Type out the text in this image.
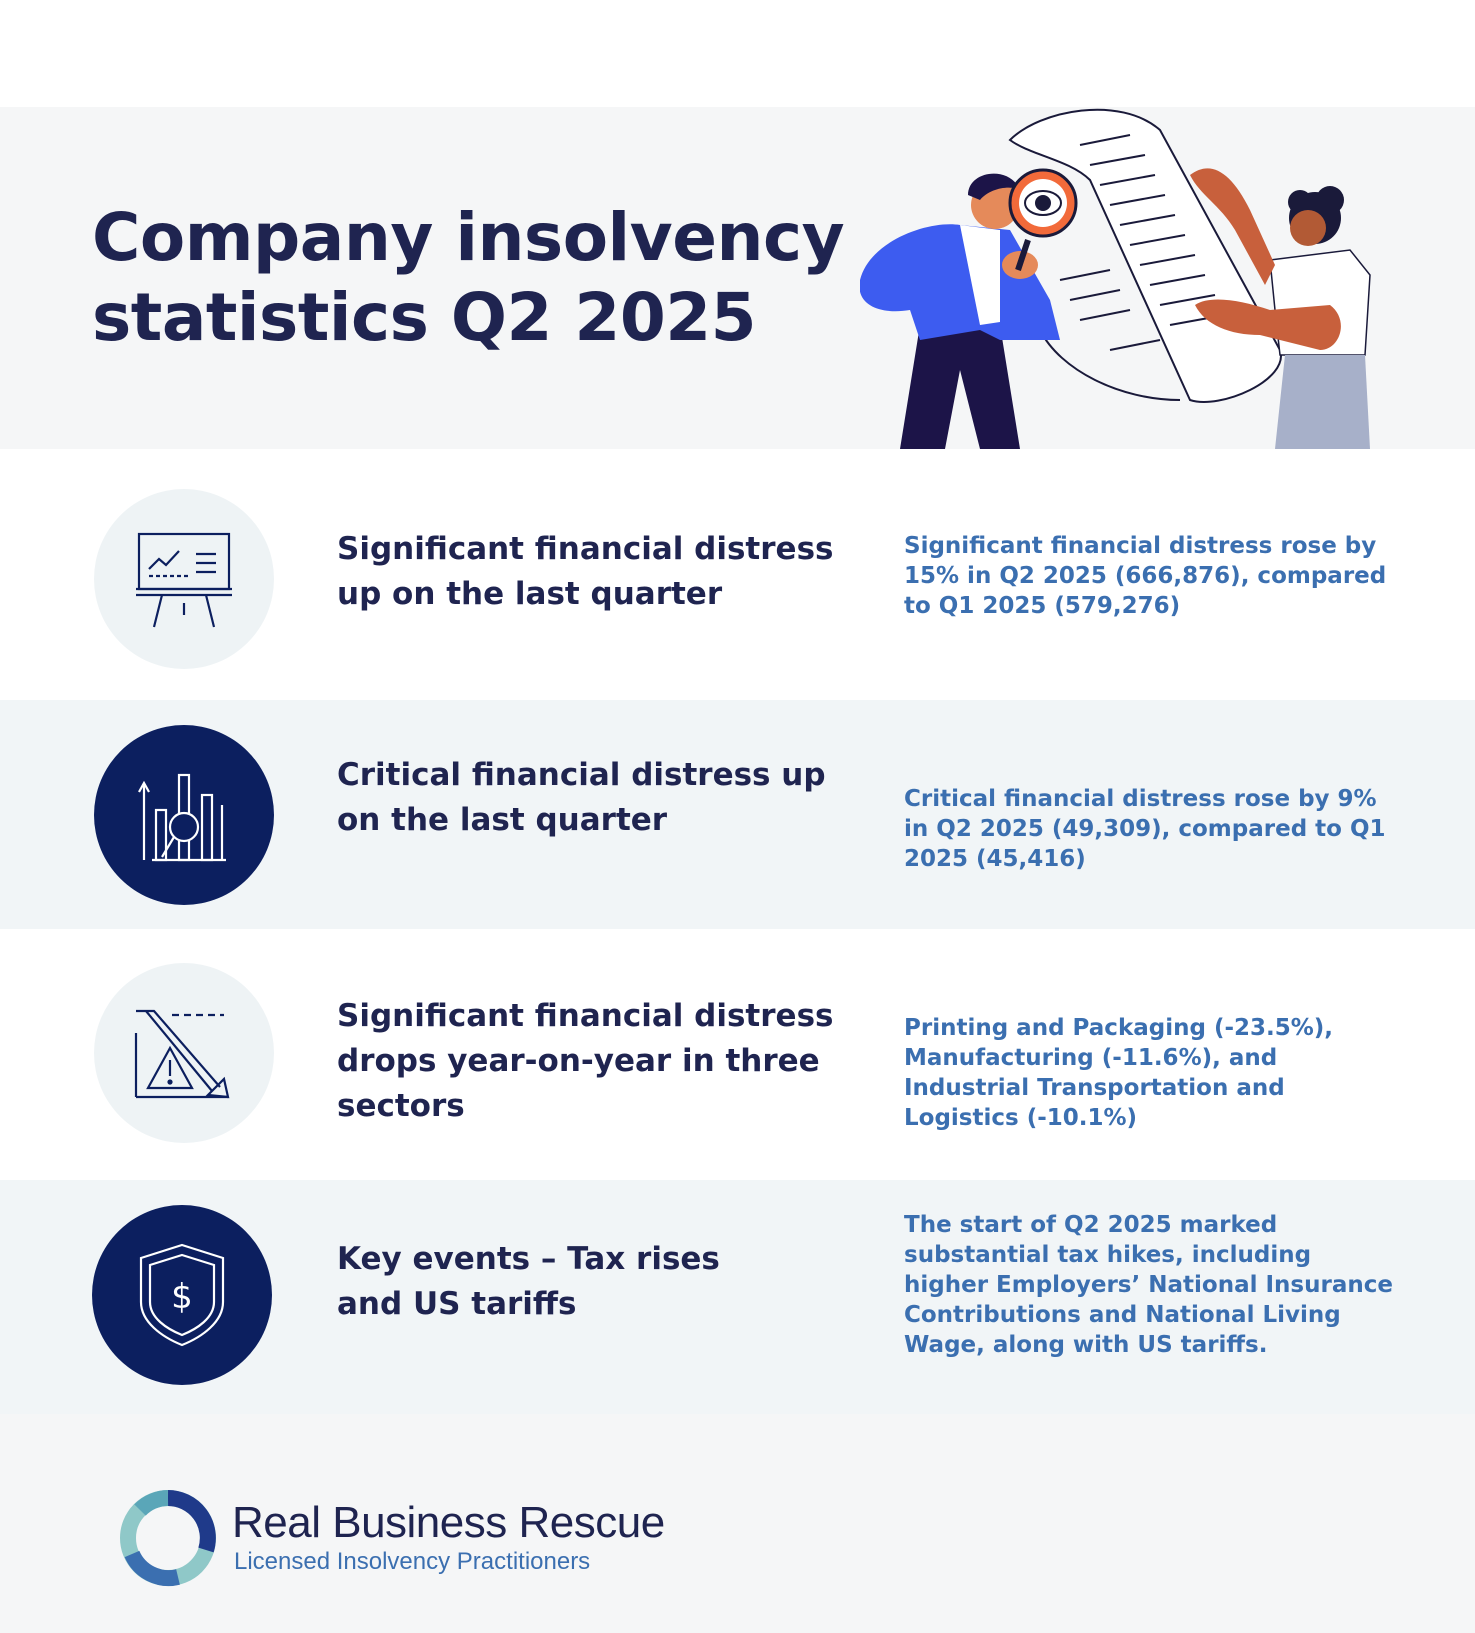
Company insolvency
statistics Q2 2025
Significant financial distress up on the last quarter

Significant financial distress rose by 15% in Q2 2025 (666,876), compared to Q1 2025 (579,276)

Critical financial distress up on the last quarter

Critical financial distress rose by 9% in Q2 2025 (49,309), compared to Q1 2025 (45,416)

Significant financial distress drops year-on-year in three sectors

Printing and Packaging (-23.5%), Manufacturing (-11.6%), and Industrial Transportation and Logistics (-10.1%)

$
Key events – Tax rises and US tariffs

The start of Q2 2025 marked substantial tax hikes, including higher Employers’ National Insurance Contributions and National Living Wage, along with US tariffs.

Real Business Rescue

Licensed Insolvency Practitioners
